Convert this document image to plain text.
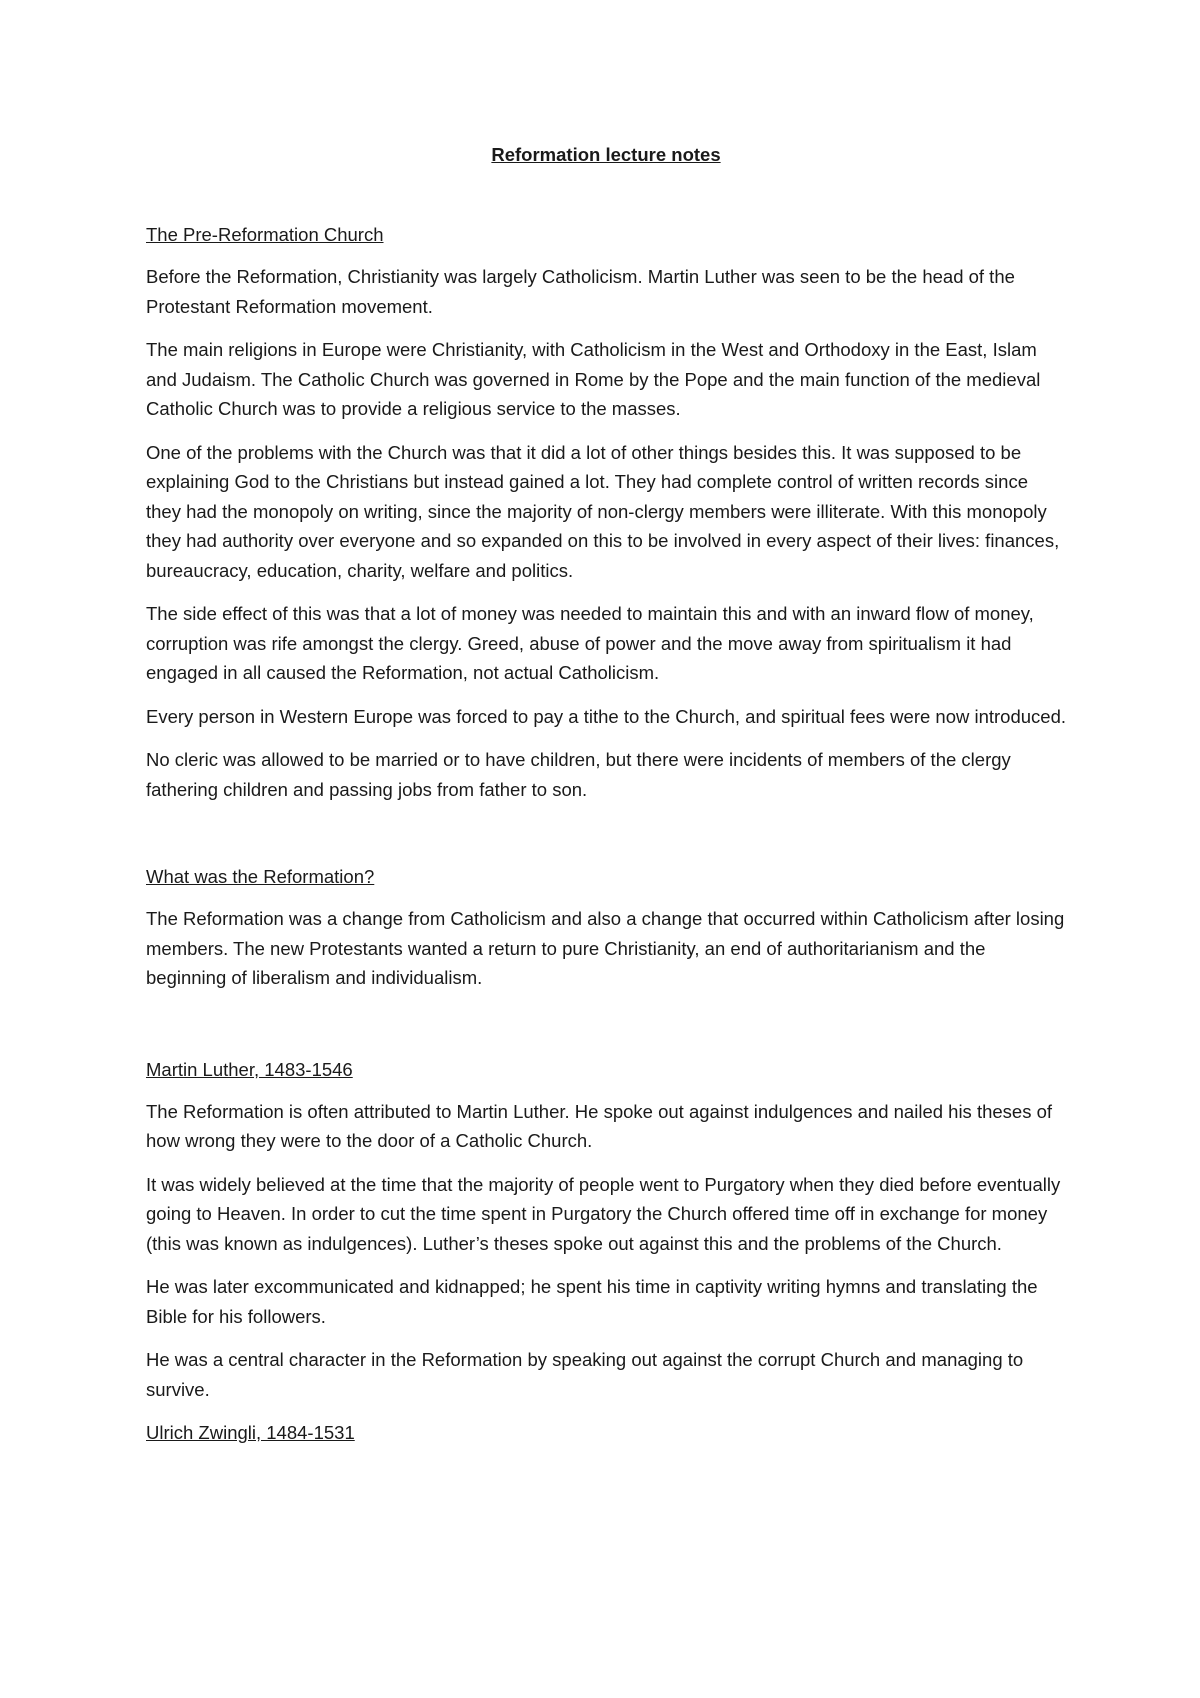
Reformation lecture notes
The Pre-Reformation Church

Before the Reformation, Christianity was largely Catholicism. Martin Luther was seen to be the head of the Protestant Reformation movement.

The main religions in Europe were Christianity, with Catholicism in the West and Orthodoxy in the East, Islam and Judaism. The Catholic Church was governed in Rome by the Pope and the main function of the medieval Catholic Church was to provide a religious service to the masses.

One of the problems with the Church was that it did a lot of other things besides this. It was supposed to be explaining God to the Christians but instead gained a lot. They had complete control of written records since they had the monopoly on writing, since the majority of non-clergy members were illiterate. With this monopoly they had authority over everyone and so expanded on this to be involved in every aspect of their lives: finances, bureaucracy, education, charity, welfare and politics.

The side effect of this was that a lot of money was needed to maintain this and with an inward flow of money, corruption was rife amongst the clergy. Greed, abuse of power and the move away from spiritualism it had engaged in all caused the Reformation, not actual Catholicism.

Every person in Western Europe was forced to pay a tithe to the Church, and spiritual fees were now introduced.

No cleric was allowed to be married or to have children, but there were incidents of members of the clergy fathering children and passing jobs from father to son.

What was the Reformation?

The Reformation was a change from Catholicism and also a change that occurred within Catholicism after losing members. The new Protestants wanted a return to pure Christianity, an end of authoritarianism and the beginning of liberalism and individualism.

Martin Luther, 1483-1546

The Reformation is often attributed to Martin Luther. He spoke out against indulgences and nailed his theses of how wrong they were to the door of a Catholic Church.

It was widely believed at the time that the majority of people went to Purgatory when they died before eventually going to Heaven. In order to cut the time spent in Purgatory the Church offered time off in exchange for money (this was known as indulgences). Luther’s theses spoke out against this and the problems of the Church.

He was later excommunicated and kidnapped; he spent his time in captivity writing hymns and translating the Bible for his followers.

He was a central character in the Reformation by speaking out against the corrupt Church and managing to survive.

Ulrich Zwingli, 1484-1531
